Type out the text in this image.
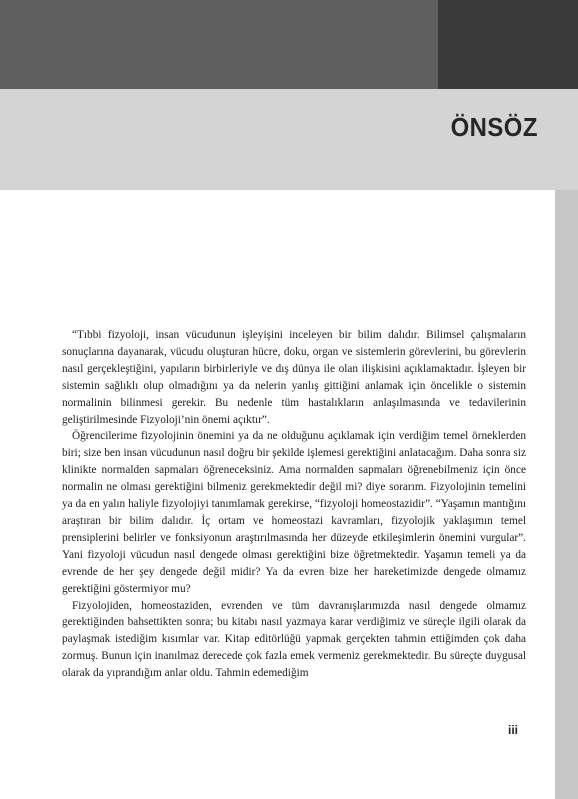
ÖNSÖZ

“Tıbbi fizyoloji, insan vücudunun işleyişini inceleyen bir bilim dalıdır. Bilimsel çalışmaların sonuçlarına dayanarak, vücudu oluşturan hücre, doku, organ ve sistemlerin görevlerini, bu görevlerin nasıl gerçekleştiğini, yapıların birbirleriyle ve dış dünya ile olan ilişkisini açıklamaktadır. İşleyen bir sistemin sağlıklı olup olmadığını ya da nelerin yanlış gittiğini anlamak için öncelikle o sistemin normalinin bilinmesi gerekir. Bu nedenle tüm hastalıkların anlaşılmasında ve tedavilerinin geliştirilmesinde Fizyoloji’nin önemi açıktır”.

Öğrencilerime fizyolojinin önemini ya da ne olduğunu açıklamak için verdiğim temel örneklerden biri; size ben insan vücudunun nasıl doğru bir şekilde işlemesi gerektiğini anlatacağım. Daha sonra siz klinikte normalden sapmaları öğreneceksiniz. Ama normalden sapmaları öğrenebilmeniz için önce normalin ne olması gerektiğini bilmeniz gerekmektedir değil mi? diye sorarım. Fizyolojinin temelini ya da en yalın haliyle fizyolojiyi tanımlamak gerekirse, “fizyoloji homeostazidir”. “Yaşamın mantığını araştıran bir bilim dalıdır. İç ortam ve homeostazi kavramları, fizyolojik yaklaşımın temel prensiplerini belirler ve fonksiyonun araştırılmasında her düzeyde etkileşimlerin önemini vurgular”. Yani fizyoloji vücudun nasıl dengede olması gerektiğini bize öğretmektedir. Yaşamın temeli ya da evrende de her şey dengede değil midir? Ya da evren bize her hareketimizde dengede olmamız gerektiğini göstermiyor mu?

Fizyolojiden, homeostaziden, evrenden ve tüm davranışlarımızda nasıl dengede olmamız gerektiğinden bahsettikten sonra; bu kitabı nasıl yazmaya karar verdiğimiz ve süreçle ilgili olarak da paylaşmak istediğim kısımlar var. Kitap editörlüğü yapmak gerçekten tahmin ettiğimden çok daha zormuş. Bunun için inanılmaz derecede çok fazla emek vermeniz gerekmektedir. Bu süreçte duygusal olarak da yıprandığım anlar oldu. Tahmin edemediğim

iii
